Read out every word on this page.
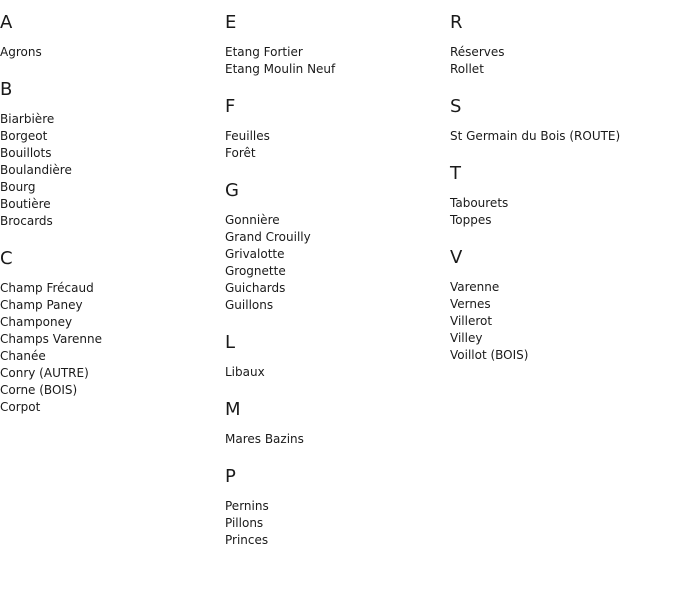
A
Agrons
B
Biarbière
Borgeot
Bouillots
Boulandière
Bourg
Boutière
Brocards
C
Champ Frécaud
Champ Paney
Champoney
Champs Varenne
Chanée
Conry (AUTRE)
Corne (BOIS)
Corpot
E
Etang Fortier
Etang Moulin Neuf
F
Feuilles
Forêt
G
Gonnière
Grand Crouilly
Grivalotte
Grognette
Guichards
Guillons
L
Libaux
M
Mares Bazins
P
Pernins
Pillons
Princes
R
Réserves
Rollet
S
St Germain du Bois (ROUTE)
T
Tabourets
Toppes
V
Varenne
Vernes
Villerot
Villey
Voillot (BOIS)
